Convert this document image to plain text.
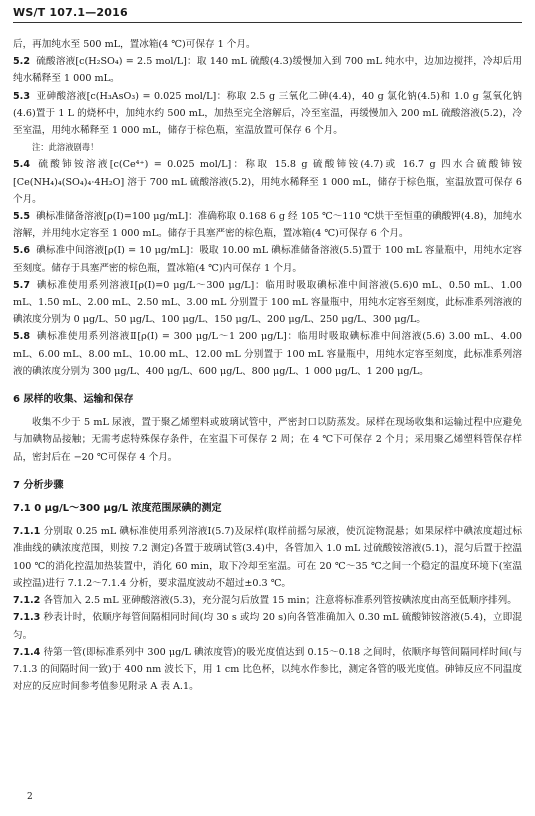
WS/T 107.1—2016

后，再加纯水至 500 mL，置冰箱(4 ℃)可保存 1 个月。

5.2 硫酸溶液[c(H₂SO₄) = 2.5 mol/L]：取 140 mL 硫酸(4.3)缓慢加入到 700 mL 纯水中，边加边搅拌，冷却后用纯水稀释至 1 000 mL。

5.3 亚砷酸溶液[c(H₃AsO₃) = 0.025 mol/L]：称取 2.5 g 三氧化二砷(4.4)，40 g 氯化钠(4.5)和 1.0 g 氢氧化钠(4.6)置于 1 L 的烧杯中，加纯水约 500 mL，加热至完全溶解后，冷至室温，再缓慢加入 200 mL 硫酸溶液(5.2)，冷至室温，用纯水稀释至 1 000 mL，储存于棕色瓶，室温放置可保存 6 个月。

注：此溶液剧毒！

5.4 硫酸铈铵溶液[c(Ce⁴⁺) = 0.025 mol/L]：称取 15.8 g 硫酸铈铵(4.7)或 16.7 g 四水合硫酸铈铵[Ce(NH₄)₄(SO₄)₄·4H₂O] 溶于 700 mL 硫酸溶液(5.2)，用纯水稀释至 1 000 mL，储存于棕色瓶，室温放置可保存 6 个月。

5.5 碘标准储备溶液[ρ(I)=100 μg/mL]：准确称取 0.168 6 g 经 105 ℃～110 ℃烘干至恒重的碘酸钾(4.8)，加纯水溶解，并用纯水定容至 1 000 mL。储存于具塞严密的棕色瓶，置冰箱(4 ℃)可保存 6 个月。

5.6 碘标准中间溶液[ρ(I) = 10 μg/mL]：吸取 10.00 mL 碘标准储备溶液(5.5)置于 100 mL 容量瓶中，用纯水定容至刻度。储存于具塞严密的棕色瓶，置冰箱(4 ℃)内可保存 1 个月。

5.7 碘标准使用系列溶液Ⅰ[ρ(I)=0 μg/L～300 μg/L]：临用时吸取碘标准中间溶液(5.6)0 mL、0.50 mL、1.00 mL、1.50 mL、2.00 mL、2.50 mL、3.00 mL 分别置于 100 mL 容量瓶中，用纯水定容至刻度，此标准系列溶液的碘浓度分别为 0 μg/L、50 μg/L、100 μg/L、150 μg/L、200 μg/L、250 μg/L、300 μg/L。

5.8 碘标准使用系列溶液Ⅱ[ρ(I) = 300 μg/L～1 200 μg/L]：临用时吸取碘标准中间溶液(5.6) 3.00 mL、4.00 mL、6.00 mL、8.00 mL、10.00 mL、12.00 mL 分别置于 100 mL 容量瓶中，用纯水定容至刻度，此标准系列溶液的碘浓度分别为 300 μg/L、400 μg/L、600 μg/L、800 μg/L、1 000 μg/L、1 200 μg/L。

6 尿样的收集、运输和保存

收集不少于 5 mL 尿液，置于聚乙烯塑料或玻璃试管中，严密封口以防蒸发。尿样在现场收集和运输过程中应避免与加碘物品接触；无需考虑特殊保存条件，在室温下可保存 2 周；在 4 ℃下可保存 2 个月；采用聚乙烯塑料管保存样品，密封后在 −20 ℃可保存 4 个月。

7 分析步骤

7.1 0 μg/L～300 μg/L 浓度范围尿碘的测定

7.1.1 分别取 0.25 mL 碘标准使用系列溶液Ⅰ(5.7)及尿样(取样前摇匀尿液，使沉淀物混悬；如果尿样中碘浓度超过标准曲线的碘浓度范围，则按 7.2 测定)各置于玻璃试管(3.4)中，各管加入 1.0 mL 过硫酸铵溶液(5.1)，混匀后置于控温 100 ℃的消化控温加热装置中，消化 60 min，取下冷却至室温。可在 20 ℃～35 ℃之间一个稳定的温度环境下(室温或控温)进行 7.1.2～7.1.4 分析，要求温度波动不超过±0.3 ℃。

7.1.2 各管加入 2.5 mL 亚砷酸溶液(5.3)，充分混匀后放置 15 min；注意将标准系列管按碘浓度由高至低顺序排列。

7.1.3 秒表计时，依顺序每管间隔相同时间(均 30 s 或均 20 s)向各管准确加入 0.30 mL 硫酸铈铵溶液(5.4)，立即混匀。

7.1.4 待第一管(即标准系列中 300 μg/L 碘浓度管)的吸光度值达到 0.15～0.18 之间时，依顺序每管间隔同样时间(与 7.1.3 的间隔时间一致)于 400 nm 波长下，用 1 cm 比色杯，以纯水作参比，测定各管的吸光度值。砷铈反应不同温度对应的反应时间参考值参见附录 A 表 A.1。

2
